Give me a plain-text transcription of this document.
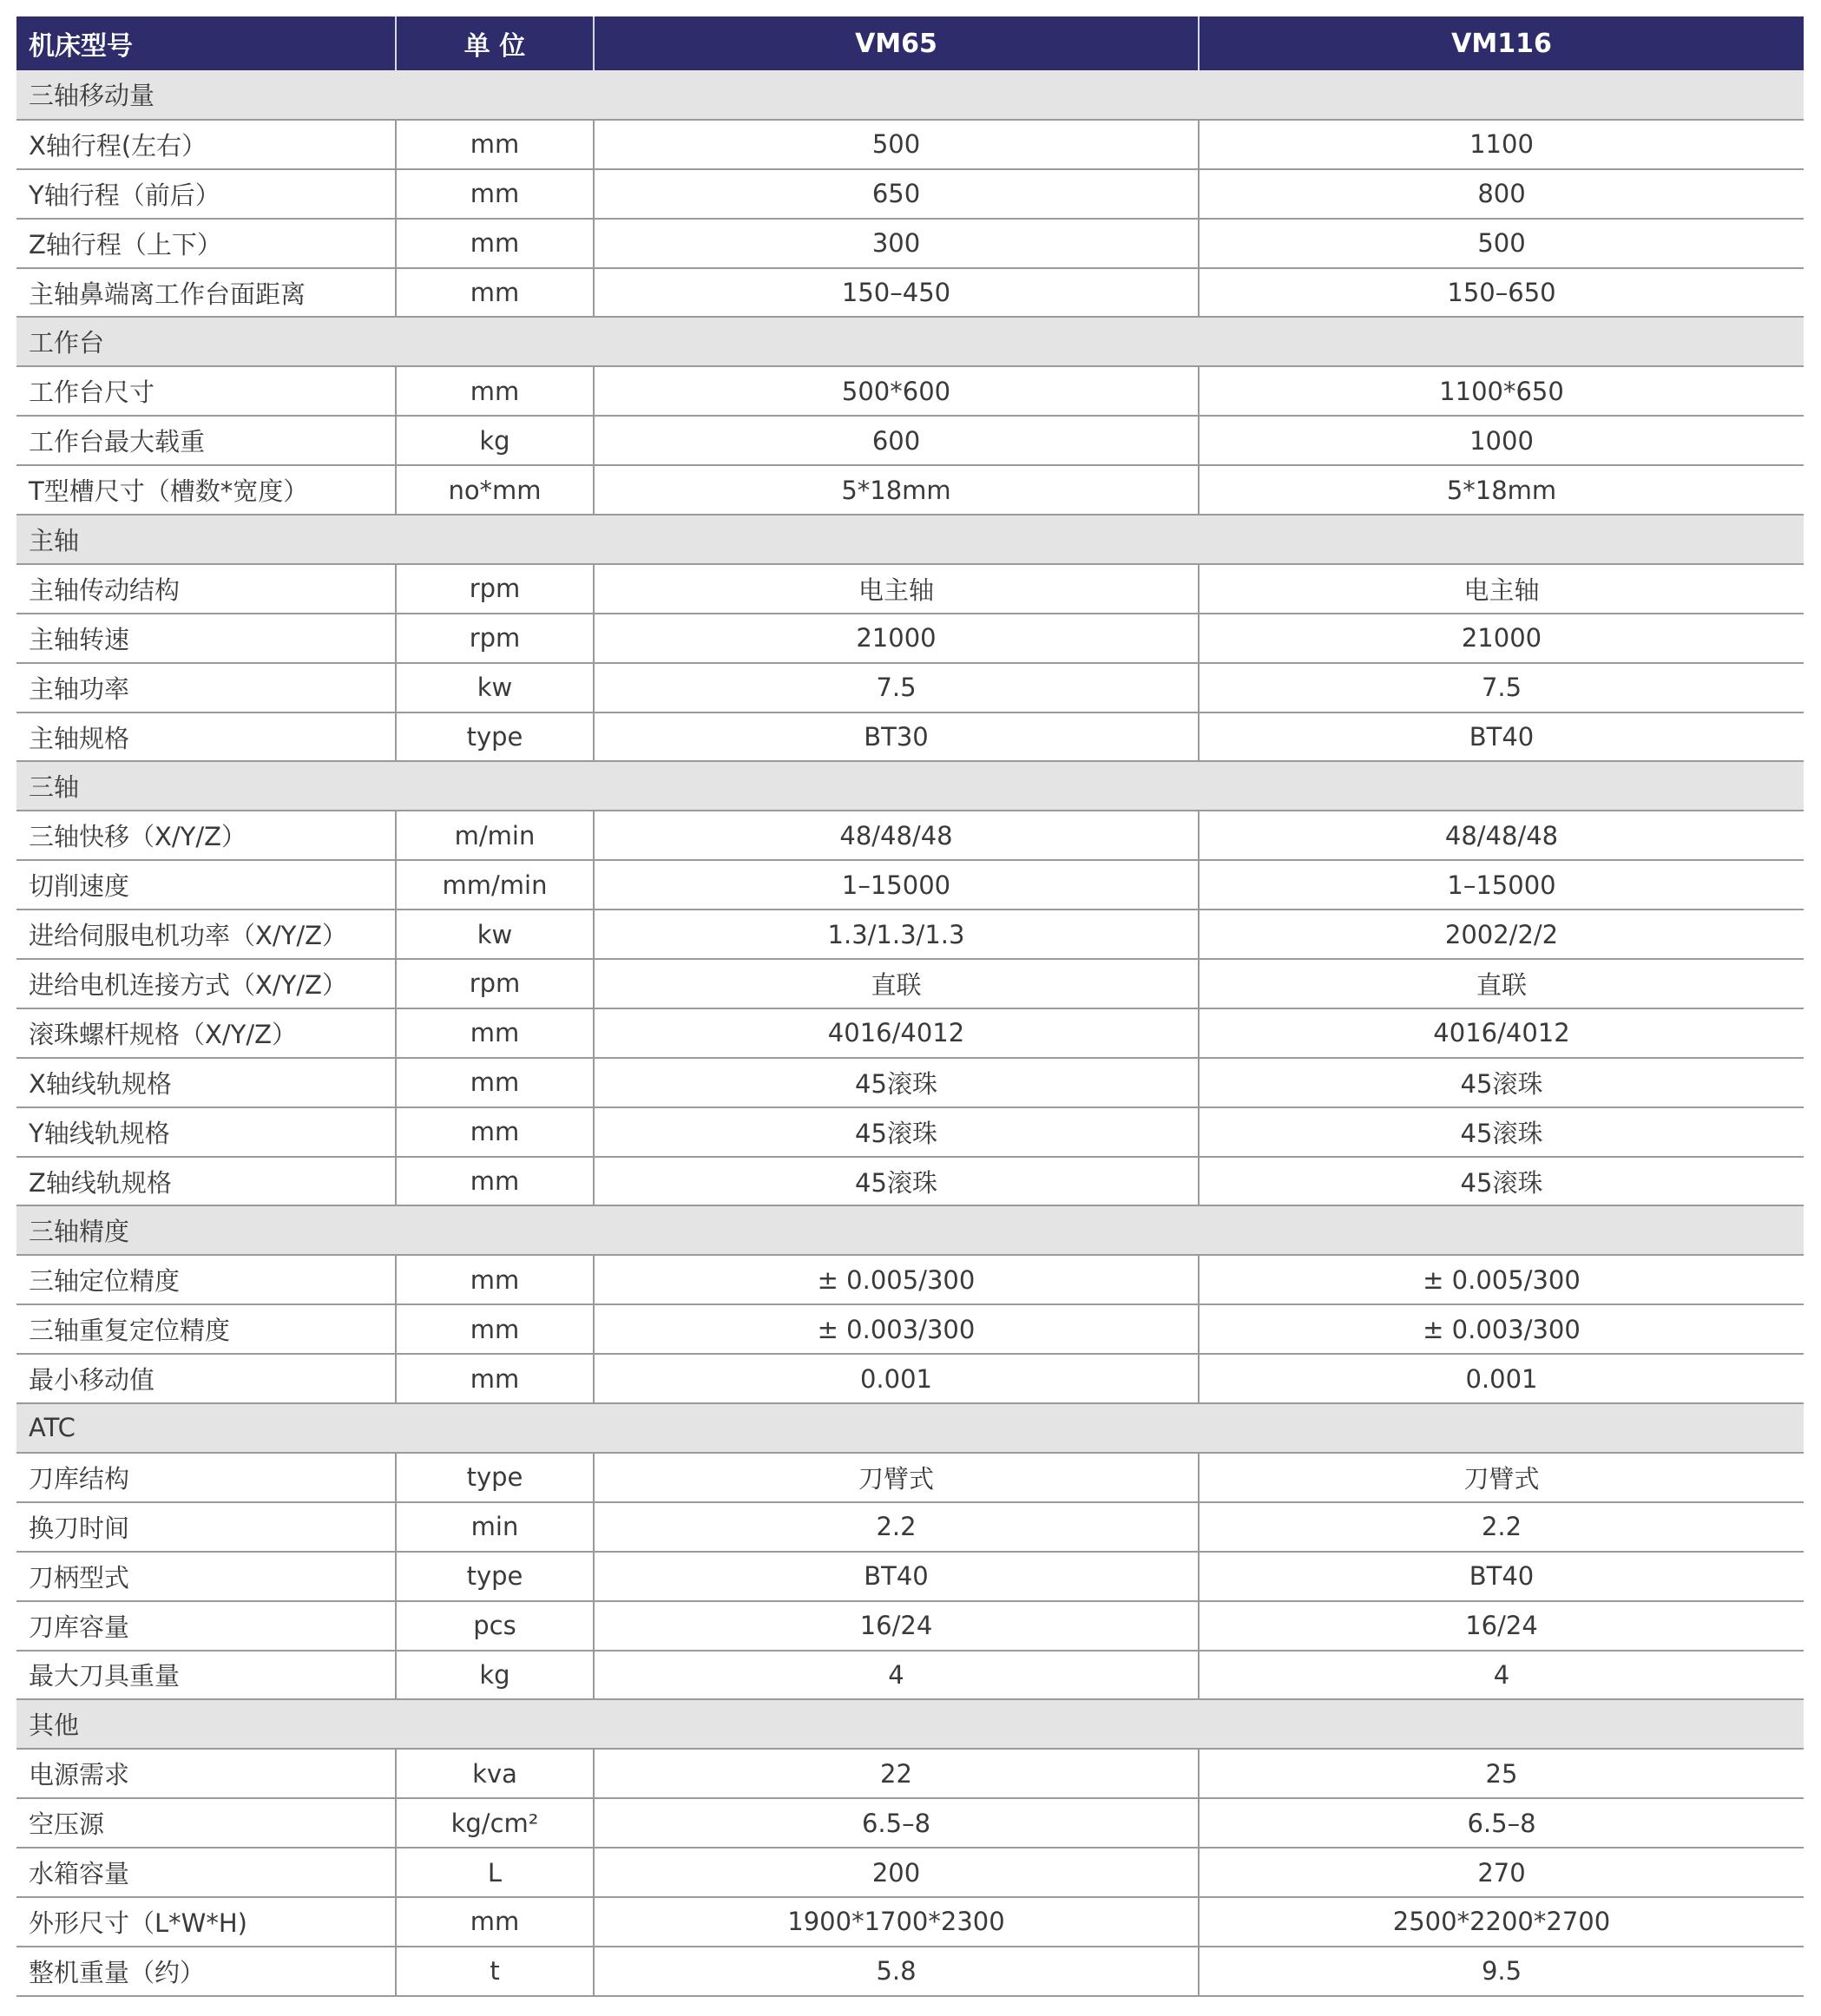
机床型号	单 位	VM65	VM116
三轴移动量			
X轴行程(左右）	mm	500	1100
Y轴行程（前后）	mm	650	800
Z轴行程（上下）	mm	300	500
主轴鼻端离工作台面距离	mm	150–450	150–650
工作台			
工作台尺寸	mm	500*600	1100*650
工作台最大载重	kg	600	1000
T型槽尺寸（槽数*宽度）	no*mm	5*18mm	5*18mm
主轴			
主轴传动结构	rpm	电主轴	电主轴
主轴转速	rpm	21000	21000
主轴功率	kw	7.5	7.5
主轴规格	type	BT30	BT40
三轴			
三轴快移（X/Y/Z）	m/min	48/48/48	48/48/48
切削速度	mm/min	1–15000	1–15000
进给伺服电机功率（X/Y/Z）	kw	1.3/1.3/1.3	2002/2/2
进给电机连接方式（X/Y/Z）	rpm	直联	直联
滚珠螺杆规格（X/Y/Z）	mm	4016/4012	4016/4012
X轴线轨规格	mm	45滚珠	45滚珠
Y轴线轨规格	mm	45滚珠	45滚珠
Z轴线轨规格	mm	45滚珠	45滚珠
三轴精度			
三轴定位精度	mm	± 0.005/300	± 0.005/300
三轴重复定位精度	mm	± 0.003/300	± 0.003/300
最小移动值	mm	0.001	0.001
ATC			
刀库结构	type	刀臂式	刀臂式
换刀时间	min	2.2	2.2
刀柄型式	type	BT40	BT40
刀库容量	pcs	16/24	16/24
最大刀具重量	kg	4	4
其他			
电源需求	kva	22	25
空压源	kg/cm²	6.5–8	6.5–8
水箱容量	L	200	270
外形尺寸（L*W*H)	mm	1900*1700*2300	2500*2200*2700
整机重量（约）	t	5.8	9.5
